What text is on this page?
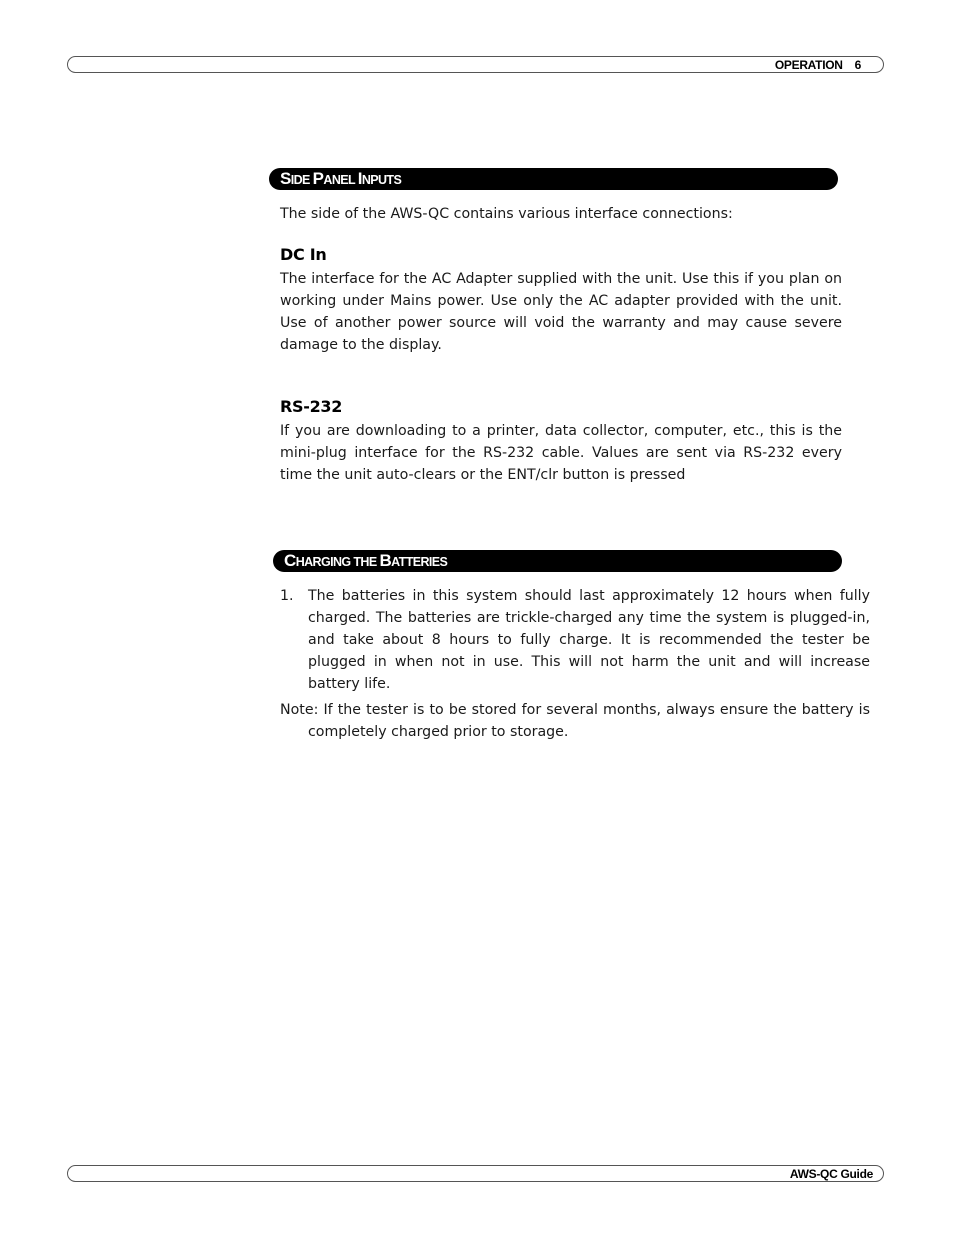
OPERATION 6
SIDE PANEL INPUTS
The side of the AWS-QC contains various interface connections:
DC In
The interface for the AC Adapter supplied with the unit. Use this if you plan on working under Mains power. Use only the AC adapter provided with the unit. Use of another power source will void the warranty and may cause severe damage to the display.
RS-232
If you are downloading to a printer, data collector, computer, etc., this is the mini-plug interface for the RS-232 cable. Values are sent via RS-232 every time the unit auto-clears or the ENT/clr button is pressed
CHARGING THE BATTERIES
1. The batteries in this system should last approximately 12 hours when fully charged. The batteries are trickle-charged any time the system is plugged-in, and take about 8 hours to fully charge. It is recommended the tester be plugged in when not in use. This will not harm the unit and will increase battery life.
Note: If the tester is to be stored for several months, always ensure the battery is completely charged prior to storage.
AWS-QC Guide
